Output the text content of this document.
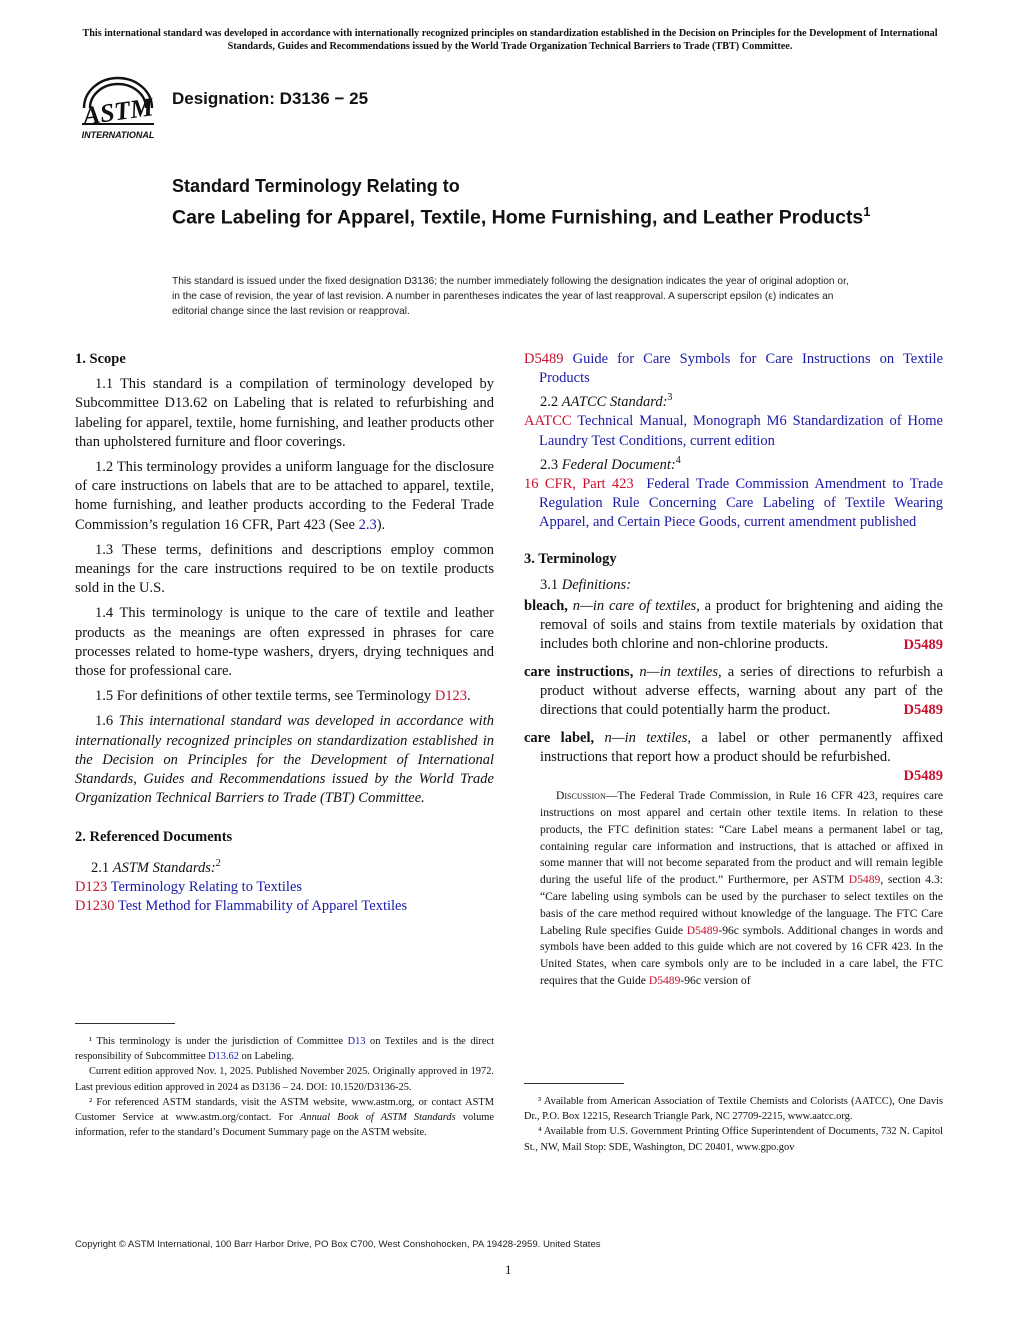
This international standard was developed in accordance with internationally recognized principles on standardization established in the Decision on Principles for the Development of International Standards, Guides and Recommendations issued by the World Trade Organization Technical Barriers to Trade (TBT) Committee.
ASTM
INTERNATIONAL
Designation: D3136 − 25
Standard Terminology Relating to
Care Labeling for Apparel, Textile, Home Furnishing, and Leather Products$^1$
This standard is issued under the fixed designation D3136; the number immediately following the designation indicates the year of original adoption or, in the case of revision, the year of last revision. A number in parentheses indicates the year of last reapproval. A superscript epsilon (ε) indicates an editorial change since the last revision or reapproval.
1. Scope
1.1 This standard is a compilation of terminology developed by Subcommittee D13.62 on Labeling that is related to refurbishing and labeling for apparel, textile, home furnishing, and leather products other than upholstered furniture and floor coverings.
1.2 This terminology provides a uniform language for the disclosure of care instructions on labels that are to be attached to apparel, textile, home furnishing, and leather products according to the Federal Trade Commission’s regulation 16 CFR, Part 423 (See 2.3).
1.3 These terms, definitions and descriptions employ common meanings for the care instructions required to be on textile products sold in the U.S.
1.4 This terminology is unique to the care of textile and leather products as the meanings are often expressed in phrases for care processes related to home-type washers, dryers, drying techniques and those for professional care.
1.5 For definitions of other textile terms, see Terminology D123.
1.6 This international standard was developed in accordance with internationally recognized principles on standardization established in the Decision on Principles for the Development of International Standards, Guides and Recommendations issued by the World Trade Organization Technical Barriers to Trade (TBT) Committee.
2. Referenced Documents
2.1 ASTM Standards:$^2$
D123 Terminology Relating to Textiles
D1230 Test Method for Flammability of Apparel Textiles
¹ This terminology is under the jurisdiction of Committee D13 on Textiles and is the direct responsibility of Subcommittee D13.62 on Labeling.
Current edition approved Nov. 1, 2025. Published November 2025. Originally approved in 1972. Last previous edition approved in 2024 as D3136 – 24. DOI: 10.1520/D3136-25.
² For referenced ASTM standards, visit the ASTM website, www.astm.org, or contact ASTM Customer Service at www.astm.org/contact. For Annual Book of ASTM Standards volume information, refer to the standard’s Document Summary page on the ASTM website.
D5489 Guide for Care Symbols for Care Instructions on Textile Products
2.2 AATCC Standard:$^3$
AATCC Technical Manual, Monograph M6 Standardization of Home Laundry Test Conditions, current edition
2.3 Federal Document:$^4$
16 CFR, Part 423 Federal Trade Commission Amendment to Trade Regulation Rule Concerning Care Labeling of Textile Wearing Apparel, and Certain Piece Goods, current amendment published
3. Terminology
3.1 Definitions:
bleach, n—in care of textiles, a product for brightening and aiding the removal of soils and stains from textile materials by oxidation that includes both chlorine and non-chlorine products.	D5489
care instructions, n—in textiles, a series of directions to refurbish a product without adverse effects, warning about any part of the directions that could potentially harm the product.	D5489
care label, n—in textiles, a label or other permanently affixed instructions that report how a product should be refurbished.
D5489
Discussion—The Federal Trade Commission, in Rule 16 CFR 423, requires care instructions on most apparel and certain other textile items. In relation to these products, the FTC definition states: “Care Label means a permanent label or tag, containing regular care information and instructions, that is attached or affixed in some manner that will not become separated from the product and will remain legible during the useful life of the product.” Furthermore, per ASTM D5489, section 4.3: “Care labeling using symbols can be used by the purchaser to select textiles on the basis of the care method required without knowledge of the language. The FTC Care Labeling Rule specifies Guide D5489-96c symbols. Additional changes in words and symbols have been added to this guide which are not covered by 16 CFR 423. In the United States, when care symbols only are to be included in a care label, the FTC requires that the Guide D5489-96c version of
³ Available from American Association of Textile Chemists and Colorists (AATCC), One Davis Dr., P.O. Box 12215, Research Triangle Park, NC 27709-2215, www.aatcc.org.
⁴ Available from U.S. Government Printing Office Superintendent of Documents, 732 N. Capitol St., NW, Mail Stop: SDE, Washington, DC 20401, www.gpo.gov
Copyright © ASTM International, 100 Barr Harbor Drive, PO Box C700, West Conshohocken, PA 19428-2959. United States
1
